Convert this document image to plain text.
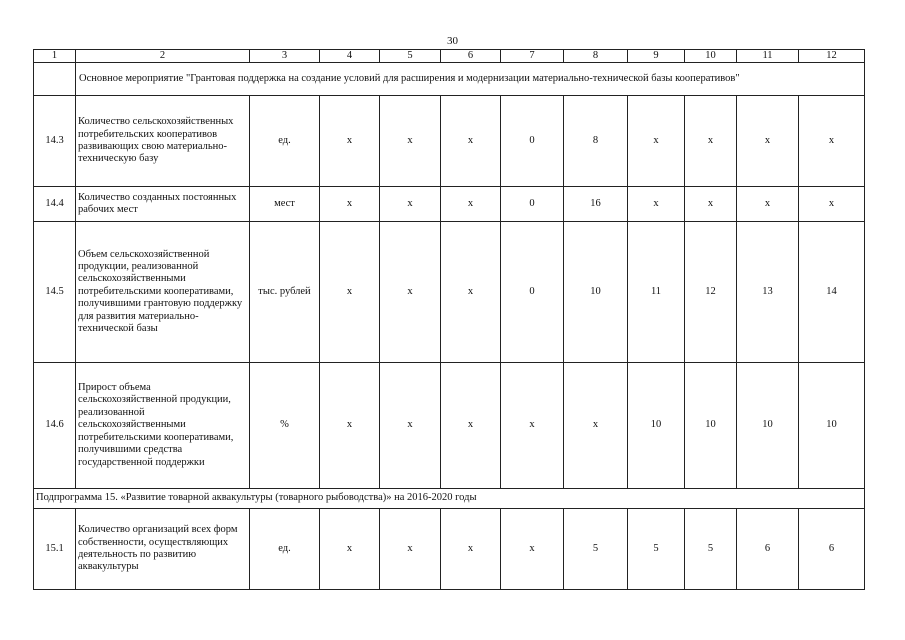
30
1	2	3	4	5	6	7	8	9	10	11	12
	Основное мероприятие "Грантовая поддержка на создание условий для расширения и модернизации материально-технической базы кооперативов"										
14.3	Количество сельскохозяйственных потребительских кооперативов развивающих свою материально-техническую базу	ед.	x	x	x	0	8	x	x	x	x
14.4	Количество созданных постоянных рабочих мест	мест	x	x	x	0	16	x	x	x	x
14.5	Объем сельскохозяйственной продукции, реализованной сельскохозяйственными потребительскими кооперативами, получившими грантовую поддержку для развития материально-технической базы	тыс. рублей	x	x	x	0	10	11	12	13	14
14.6	Прирост объема сельскохозяйственной продукции, реализованной сельскохозяйственными потребительскими кооперативами, получившими средства государственной поддержки	%	x	x	x	x	x	10	10	10	10
Подпрограмма 15. «Развитие товарной аквакультуры (товарного рыбоводства)» на 2016-2020 годы											
15.1	Количество организаций всех форм собственности, осуществляющих деятельность по развитию аквакультуры	ед.	x	x	x	x	5	5	5	6	6
